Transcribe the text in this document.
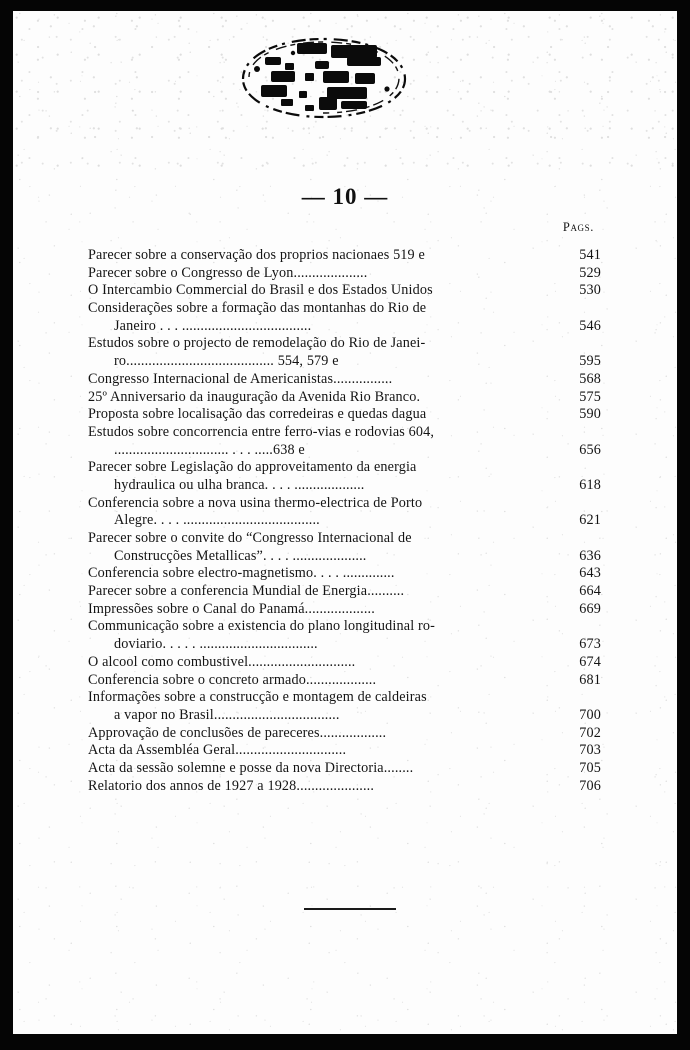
— 10 —
Pags.
Parecer sobre a conservação dos proprios nacionaes 519 e	541
Parecer sobre o Congresso de Lyon....................	529
O Intercambio Commercial do Brasil e dos Estados Unidos	530
Considerações sobre a formação das montanhas do Rio de
Janeiro . . . ...................................	546
Estudos sobre o projecto de remodelação do Rio de Janei-
ro........................................ 554, 579 e	595
Congresso Internacional de Americanistas................	568
25º Anniversario da inauguração da Avenida Rio Branco.	575
Proposta sobre localisação das corredeiras e quedas dagua	590
Estudos sobre concorrencia entre ferro-vias e rodovias 604,
............................... . . . .....638 e	656
Parecer sobre Legislação do approveitamento da energia
hydraulica ou ulha branca. . . . ...................	618
Conferencia sobre a nova usina thermo-electrica de Porto
Alegre. . . . .....................................	621
Parecer sobre o convite do “Congresso Internacional de
Construcções Metallicas”. . . . ....................	636
Conferencia sobre electro-magnetismo. . . . ..............	643
Parecer sobre a conferencia Mundial de Energia..........	664
Impressões sobre o Canal do Panamá...................	669
Communicação sobre a existencia do plano longitudinal ro-
doviario. . . . . ................................	673
O alcool como combustivel.............................	674
Conferencia sobre o concreto armado...................	681
Informações sobre a construcção e montagem de caldeiras
a vapor no Brasil..................................	700
Approvação de conclusões de pareceres..................	702
Acta da Assembléa Geral..............................	703
Acta da sessão solemne e posse da nova Directoria........	705
Relatorio dos annos de 1927 a 1928.....................	706
